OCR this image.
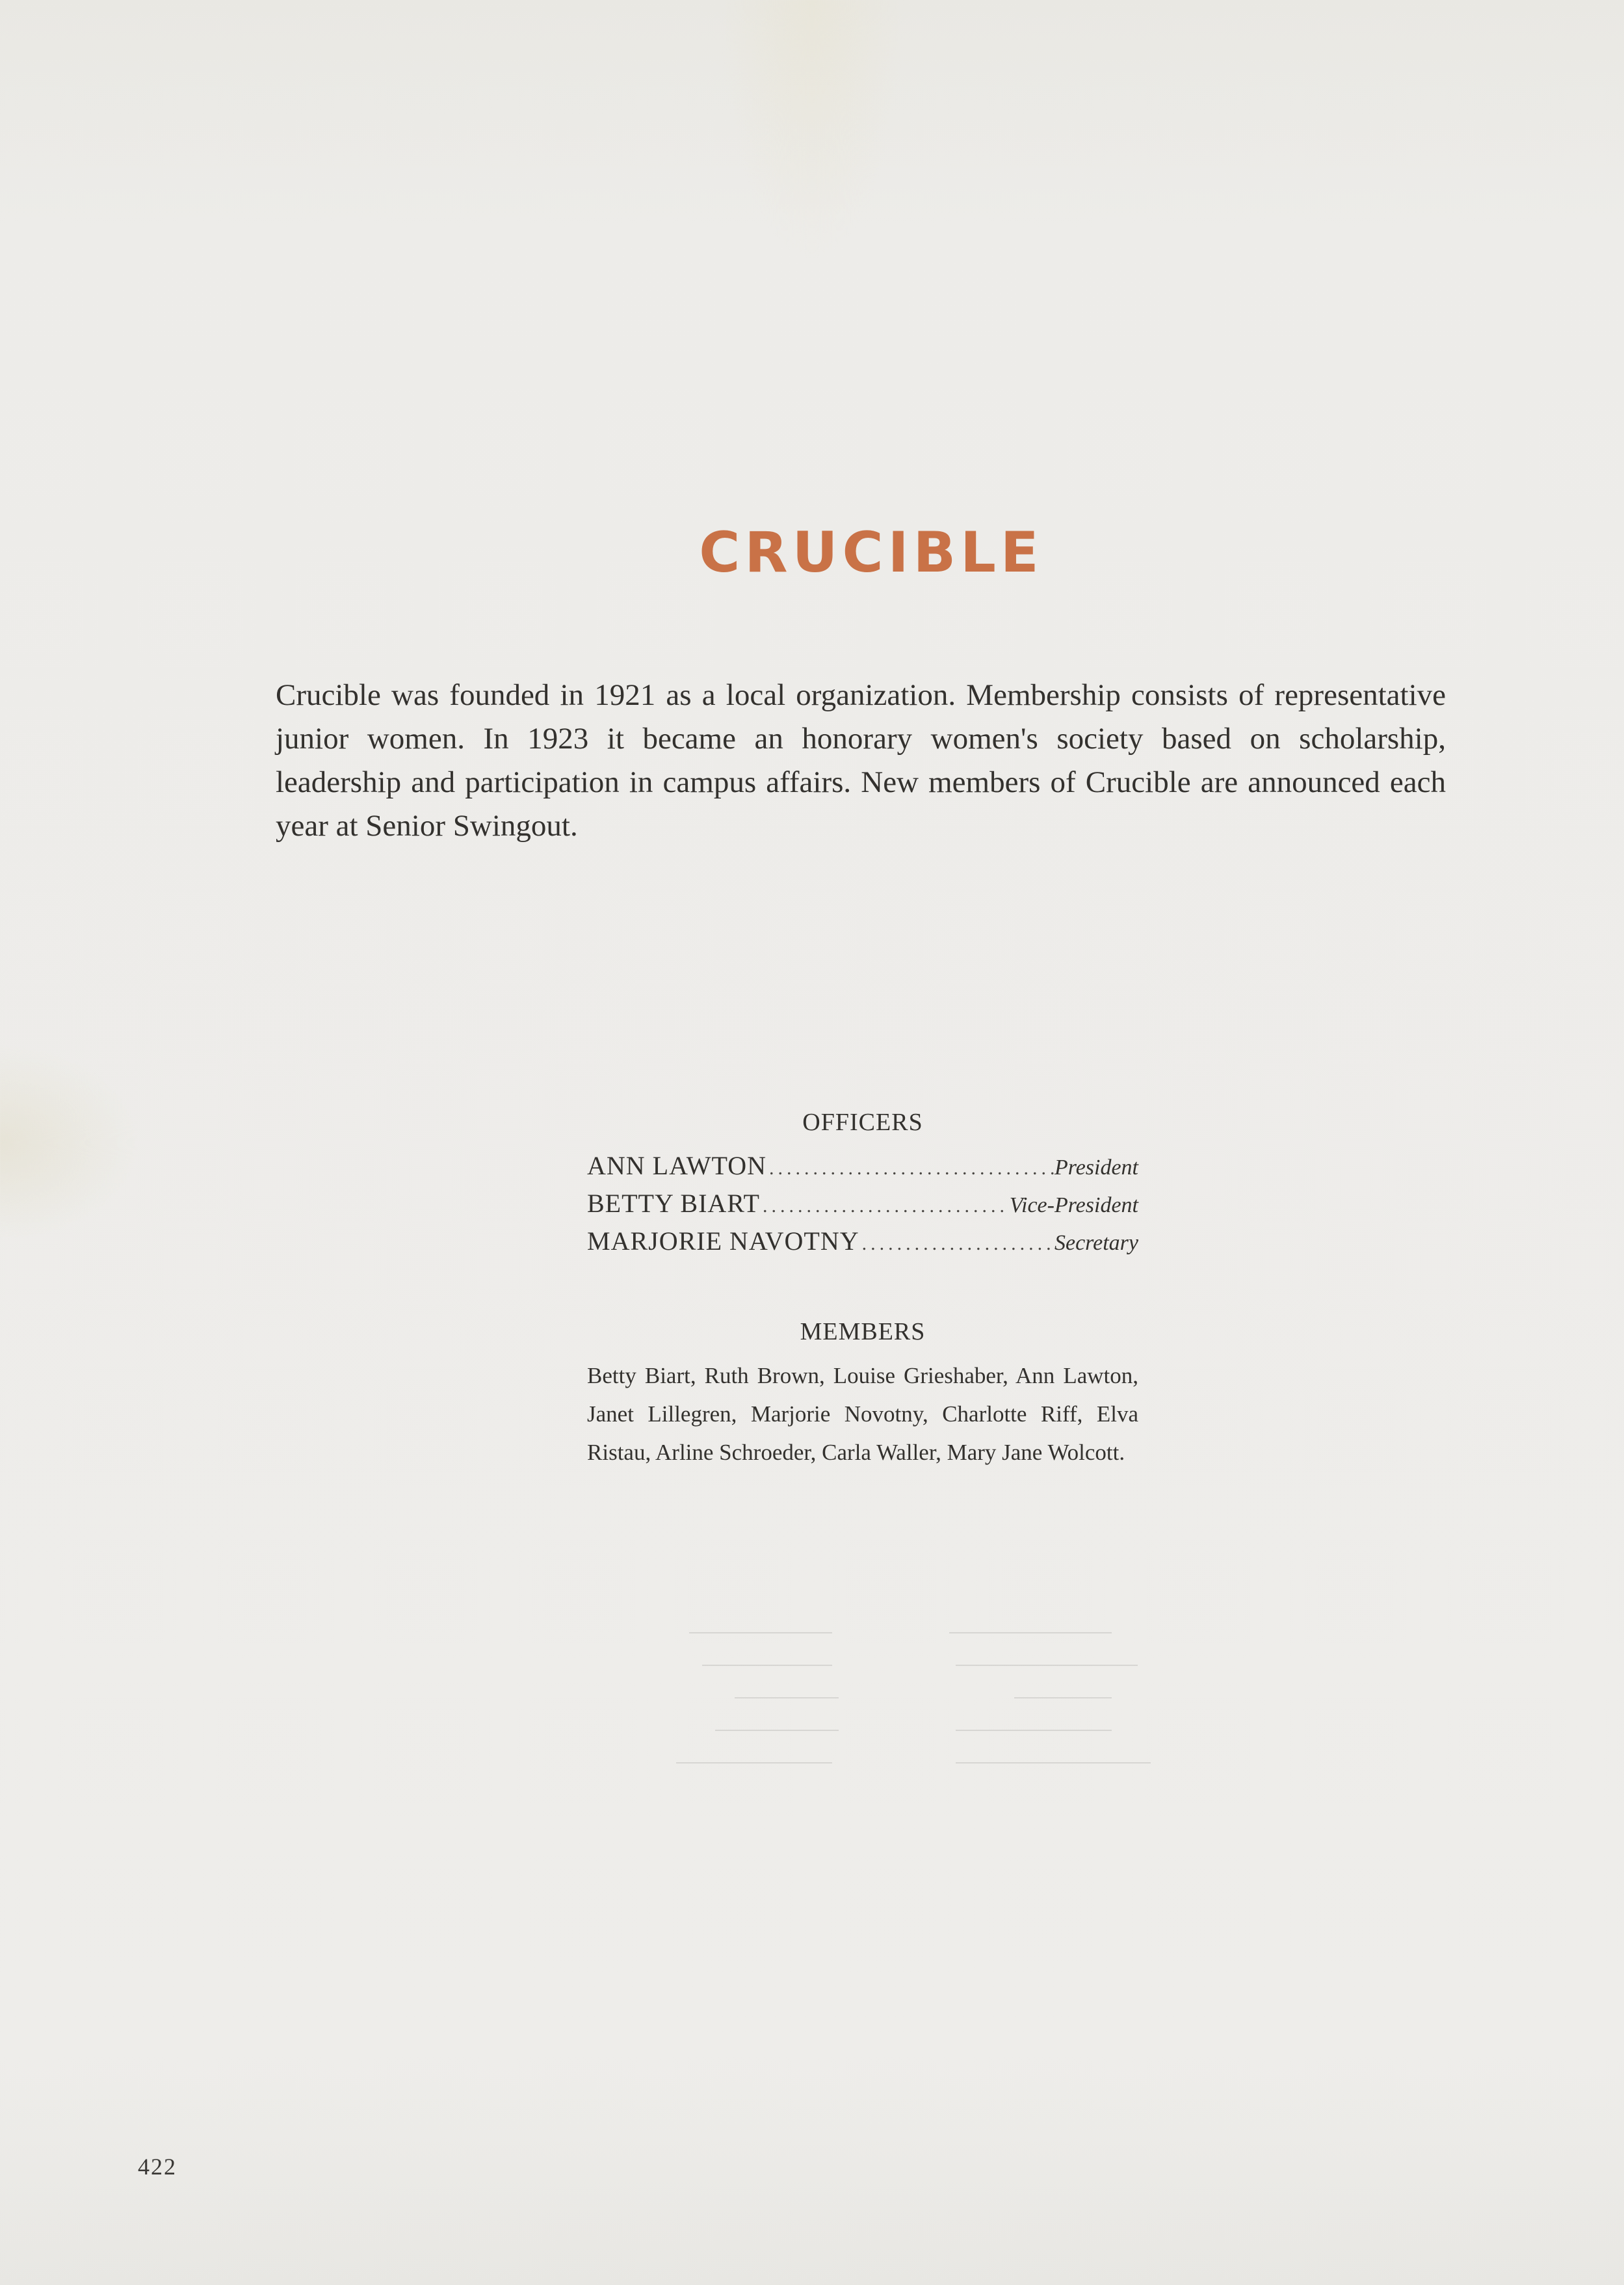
CRUCIBLE

Crucible was founded in 1921 as a local organization. Membership consists of representative junior women. In 1923 it became an honorary women's society based on scholarship, leadership and participation in campus affairs. New members of Crucible are announced each year at Senior Swingout.

OFFICERS
ANN LAWTON .....	President
BETTY BIART .....	Vice-President
MARJORIE NAVOTNY .....	Secretary
MEMBERS

Betty Biart, Ruth Brown, Louise Grieshaber, Ann Lawton, Janet Lillegren, Marjorie Novotny, Charlotte Riff, Elva Ristau, Arline Schroeder, Carla Waller, Mary Jane Wolcott.

422
